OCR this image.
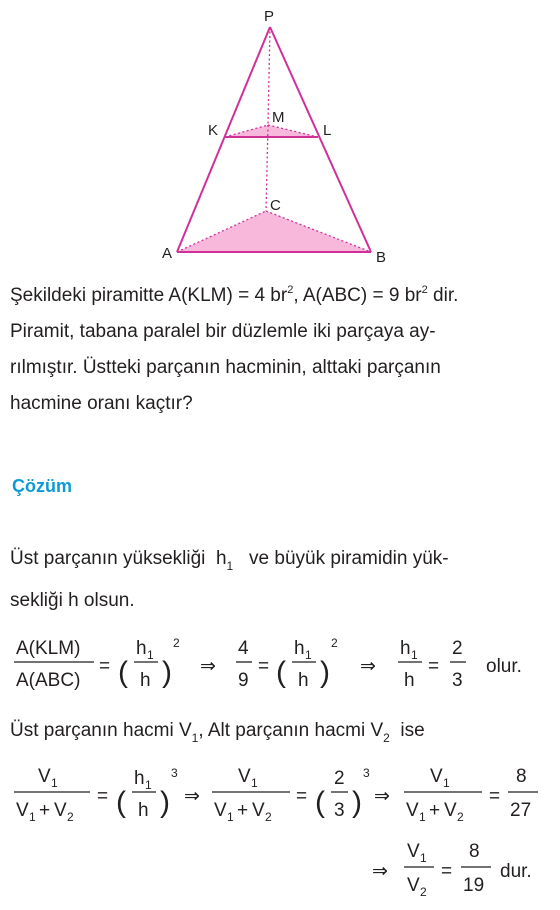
P
K
M
L
C
A	B
Şekildeki piramitte A(KLM) = 4 $br^2$, A(ABC) = 9 $br^2$ dir.
Piramit, tabana paralel bir düzlemle iki parçaya ay-
rılmıştır. Üstteki parçanın hacminin, alttaki parçanın
hacmine oranı kaçtır?
Çözüm
Üst parçanın yüksekliği $h_1$ ve büyük piramidin yük-
sekliği h olsun.
A(KLM)
A(ABC)
= (
h 1
h )
2
⇒
4
9
= (
h 1
h )
2
⇒
h 1
h
=
2
3
olur.
Üst parçanın hacmi $V_1$, Alt parçanın hacmi $V_2$ ise
V 1
V 1 + V 2
= (
h 1
h )
3
⇒
V 1
V 1 + V 2
= (
2
3 )
3
⇒
V 1
V 1 + V 2
=
8
27
⇒
V 1
V 2
=
8
19
dur.
